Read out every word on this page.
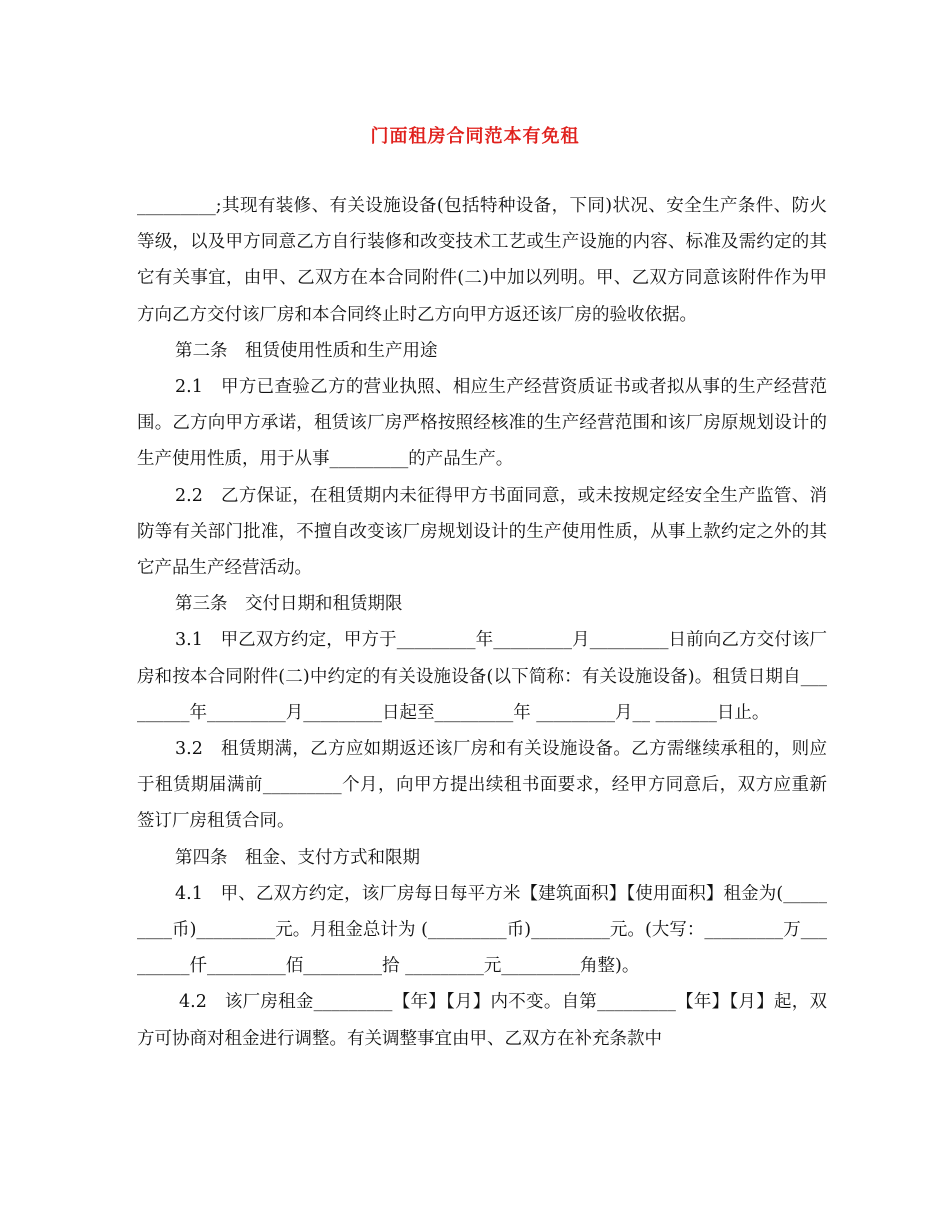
门面租房合同范本有免租

_________;其现有装修、有关设施设备(包括特种设备，下同)状况、安全生产条件、防火等级，以及甲方同意乙方自行装修和改变技术工艺或生产设施的内容、标准及需约定的其它有关事宜，由甲、乙双方在本合同附件(二)中加以列明。甲、乙双方同意该附件作为甲方向乙方交付该厂房和本合同终止时乙方向甲方返还该厂房的验收依据。

第二条　租赁使用性质和生产用途

2.1　甲方已查验乙方的营业执照、相应生产经营资质证书或者拟从事的生产经营范围。乙方向甲方承诺，租赁该厂房严格按照经核准的生产经营范围和该厂房原规划设计的生产使用性质，用于从事_________的产品生产。

2.2　乙方保证，在租赁期内未征得甲方书面同意，或未按规定经安全生产监管、消防等有关部门批准，不擅自改变该厂房规划设计的生产使用性质，从事上款约定之外的其它产品生产经营活动。

第三条　交付日期和租赁期限

3.1　甲乙双方约定，甲方于_________年_________月_________日前向乙方交付该厂房和按本合同附件(二)中约定的有关设施设备(以下简称：有关设施设备)。租赁日期自_________年_________月_________日起至_________年 _________月__ _______日止。

3.2　租赁期满，乙方应如期返还该厂房和有关设施设备。乙方需继续承租的，则应于租赁期届满前_________个月，向甲方提出续租书面要求，经甲方同意后，双方应重新签订厂房租赁合同。

第四条　租金、支付方式和限期

4.1　甲、乙双方约定，该厂房每日每平方米【建筑面积】【使用面积】租金为(_________币)_________元。月租金总计为 (_________币)_________元。(大写：_________万_________仟_________佰_________拾 _________元_________角整)。

4.2　该厂房租金_________【年】【月】内不变。自第_________【年】【月】起，双方可协商对租金进行调整。有关调整事宜由甲、乙双方在补充条款中
